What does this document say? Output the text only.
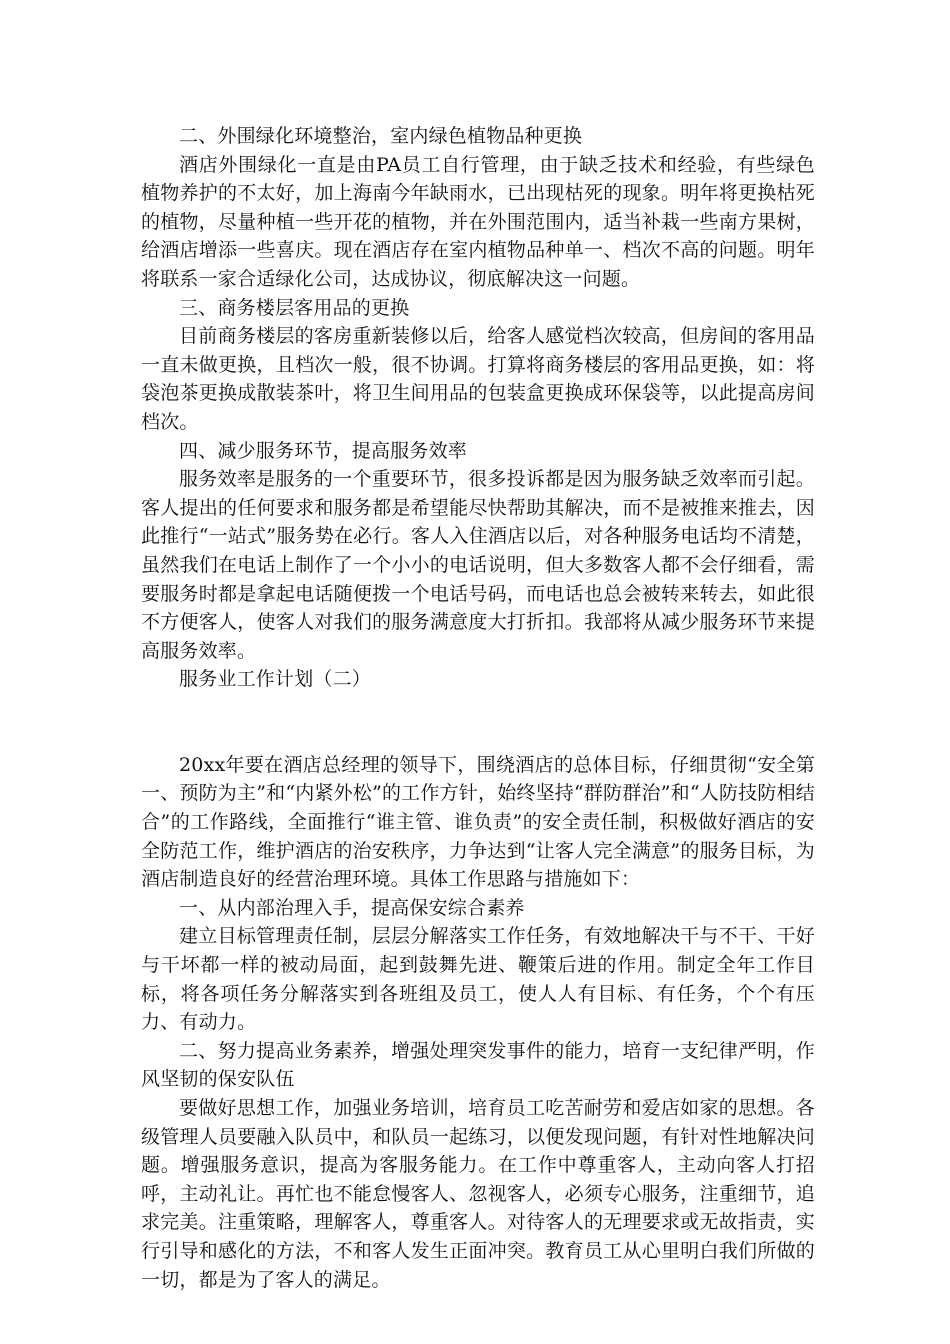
二、外围绿化环境整治，室内绿色植物品种更换

酒店外围绿化一直是由PA员工自行管理，由于缺乏技术和经验，有些绿色植物养护的不太好，加上海南今年缺雨水，已出现枯死的现象。明年将更换枯死的植物，尽量种植一些开花的植物，并在外围范围内，适当补栽一些南方果树，给酒店增添一些喜庆。现在酒店存在室内植物品种单一、档次不高的问题。明年将联系一家合适绿化公司，达成协议，彻底解决这一问题。

三、商务楼层客用品的更换

目前商务楼层的客房重新装修以后，给客人感觉档次较高，但房间的客用品一直未做更换，且档次一般，很不协调。打算将商务楼层的客用品更换，如：将袋泡茶更换成散装茶叶，将卫生间用品的包装盒更换成环保袋等，以此提高房间档次。

四、减少服务环节，提高服务效率

服务效率是服务的一个重要环节，很多投诉都是因为服务缺乏效率而引起。客人提出的任何要求和服务都是希望能尽快帮助其解决，而不是被推来推去，因此推行“一站式”服务势在必行。客人入住酒店以后，对各种服务电话均不清楚，虽然我们在电话上制作了一个小小的电话说明，但大多数客人都不会仔细看，需要服务时都是拿起电话随便拨一个电话号码，而电话也总会被转来转去，如此很不方便客人，使客人对我们的服务满意度大打折扣。我部将从减少服务环节来提高服务效率。

服务业工作计划（二）

20xx年要在酒店总经理的领导下，围绕酒店的总体目标，仔细贯彻“安全第一、预防为主”和“内紧外松”的工作方针，始终坚持“群防群治”和“人防技防相结合”的工作路线，全面推行“谁主管、谁负责”的安全责任制，积极做好酒店的安全防范工作，维护酒店的治安秩序，力争达到“让客人完全满意”的服务目标，为酒店制造良好的经营治理环境。具体工作思路与措施如下：

一、从内部治理入手，提高保安综合素养

建立目标管理责任制，层层分解落实工作任务，有效地解决干与不干、干好与干坏都一样的被动局面，起到鼓舞先进、鞭策后进的作用。制定全年工作目标，将各项任务分解落实到各班组及员工，使人人有目标、有任务，个个有压力、有动力。

二、努力提高业务素养，增强处理突发事件的能力，培育一支纪律严明，作风坚韧的保安队伍

要做好思想工作，加强业务培训，培育员工吃苦耐劳和爱店如家的思想。各级管理人员要融入队员中，和队员一起练习，以便发现问题，有针对性地解决问题。增强服务意识，提高为客服务能力。在工作中尊重客人，主动向客人打招呼，主动礼让。再忙也不能怠慢客人、忽视客人，必须专心服务，注重细节，追求完美。注重策略，理解客人，尊重客人。对待客人的无理要求或无故指责，实行引导和感化的方法，不和客人发生正面冲突。教育员工从心里明白我们所做的一切，都是为了客人的满足。
